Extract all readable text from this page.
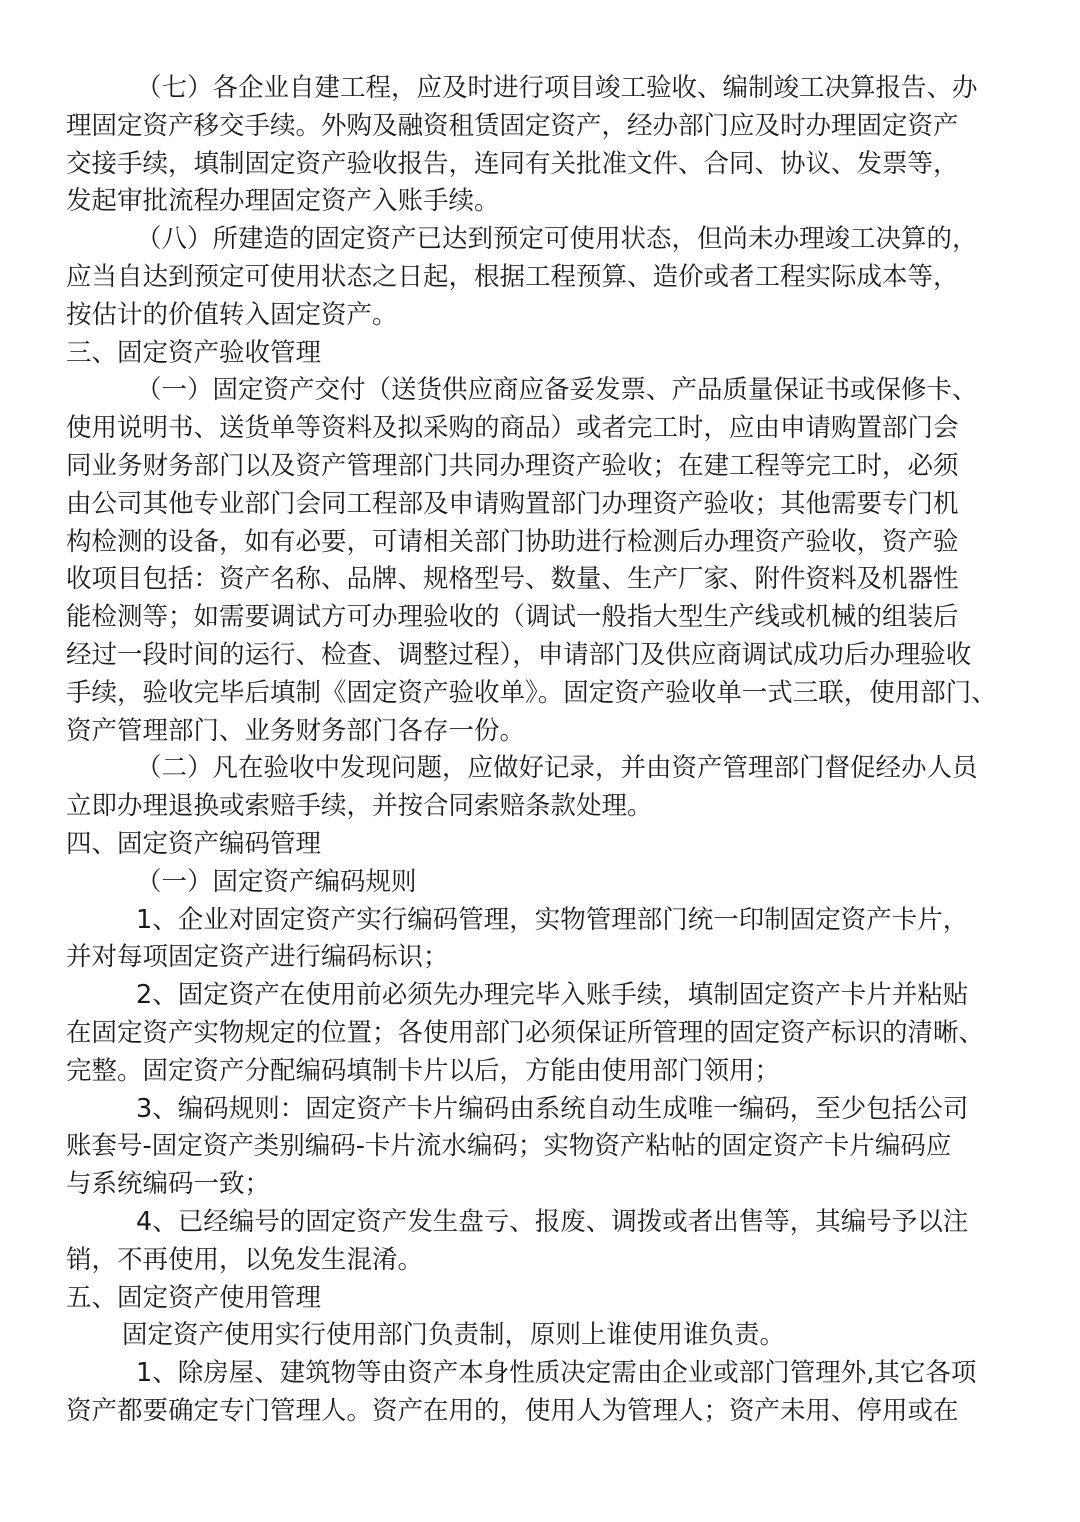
（七）各企业自建工程，应及时进行项目竣工验收、编制竣工决算报告、办
理固定资产移交手续。外购及融资租赁固定资产，经办部门应及时办理固定资产
交接手续，填制固定资产验收报告，连同有关批准文件、合同、协议、发票等，
发起审批流程办理固定资产入账手续。
（八）所建造的固定资产已达到预定可使用状态，但尚未办理竣工决算的，
应当自达到预定可使用状态之日起，根据工程预算、造价或者工程实际成本等，
按估计的价值转入固定资产。
三、固定资产验收管理
（一）固定资产交付（送货供应商应备妥发票、产品质量保证书或保修卡、
使用说明书、送货单等资料及拟采购的商品）或者完工时，应由申请购置部门会
同业务财务部门以及资产管理部门共同办理资产验收；在建工程等完工时，必须
由公司其他专业部门会同工程部及申请购置部门办理资产验收；其他需要专门机
构检测的设备，如有必要，可请相关部门协助进行检测后办理资产验收，资产验
收项目包括：资产名称、品牌、规格型号、数量、生产厂家、附件资料及机器性
能检测等；如需要调试方可办理验收的（调试一般指大型生产线或机械的组装后
经过一段时间的运行、检查、调整过程），申请部门及供应商调试成功后办理验收
手续，验收完毕后填制《固定资产验收单》。固定资产验收单一式三联，使用部门、
资产管理部门、业务财务部门各存一份。
（二）凡在验收中发现问题，应做好记录，并由资产管理部门督促经办人员
立即办理退换或索赔手续，并按合同索赔条款处理。
四、固定资产编码管理
（一）固定资产编码规则
1、企业对固定资产实行编码管理，实物管理部门统一印制固定资产卡片，
并对每项固定资产进行编码标识；
2、固定资产在使用前必须先办理完毕入账手续，填制固定资产卡片并粘贴
在固定资产实物规定的位置；各使用部门必须保证所管理的固定资产标识的清晰、
完整。固定资产分配编码填制卡片以后，方能由使用部门领用；
3、编码规则：固定资产卡片编码由系统自动生成唯一编码，至少包括公司
账套号-固定资产类别编码-卡片流水编码；实物资产粘帖的固定资产卡片编码应
与系统编码一致；
4、已经编号的固定资产发生盘亏、报废、调拨或者出售等，其编号予以注
销，不再使用，以免发生混淆。
五、固定资产使用管理
固定资产使用实行使用部门负责制，原则上谁使用谁负责。
1、除房屋、建筑物等由资产本身性质决定需由企业或部门管理外,其它各项
资产都要确定专门管理人。资产在用的，使用人为管理人；资产未用、停用或在
